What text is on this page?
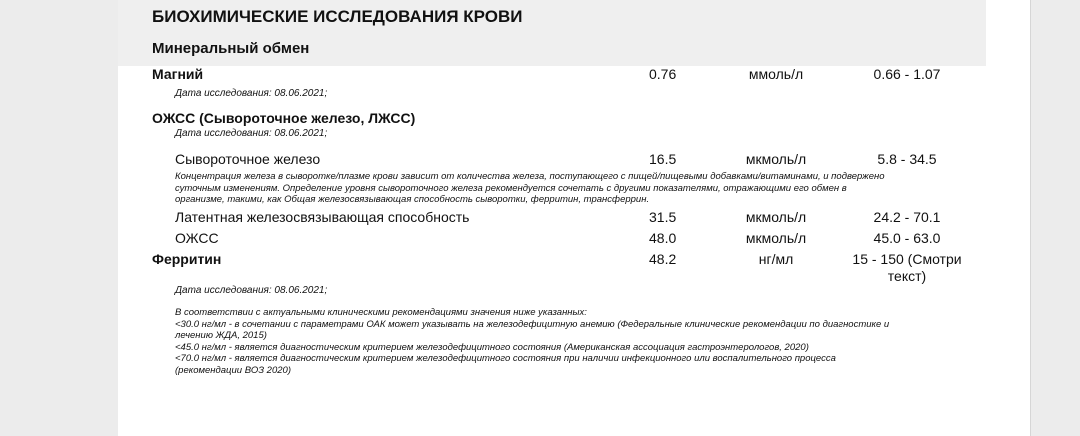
БИОХИМИЧЕСКИЕ ИССЛЕДОВАНИЯ КРОВИ
Минеральный обмен
Магний	0.76	ммоль/л	0.66 - 1.07
Дата исследования: 08.06.2021;
ОЖСС (Сывороточное железо, ЛЖСС)
Дата исследования: 08.06.2021;
Сывороточное железо	16.5	мкмоль/л	5.8 - 34.5
Концентрация железа в сыворотке/плазме крови зависит от количества железа, поступающего с пищей/пищевыми добавками/витаминами, и подвержено
суточным изменениям. Определение уровня сывороточного железа рекомендуется сочетать с другими показателями, отражающими его обмен в
организме, такими, как Общая железосвязывающая способность сыворотки, ферритин, трансферрин.
Латентная железосвязывающая способность	31.5	мкмоль/л	24.2 - 70.1
ОЖСС	48.0	мкмоль/л	45.0 - 63.0
Ферритин	48.2	нг/мл	15 - 150 (Смотри
текст)
Дата исследования: 08.06.2021;
В соответствии с актуальными клиническими рекомендациями значения ниже указанных:
<30.0 нг/мл - в сочетании с параметрами ОАК может указывать на железодефицитную анемию (Федеральные клинические рекомендации по диагностике и
лечению ЖДА, 2015)
<45.0 нг/мл - является диагностическим критерием железодефицитного состояния (Американская ассоциация гастроэнтерологов, 2020)
<70.0 нг/мл - является диагностическим критерием железодефицитного состояния при наличии инфекционного или воспалительного процесса
(рекомендации ВОЗ 2020)
